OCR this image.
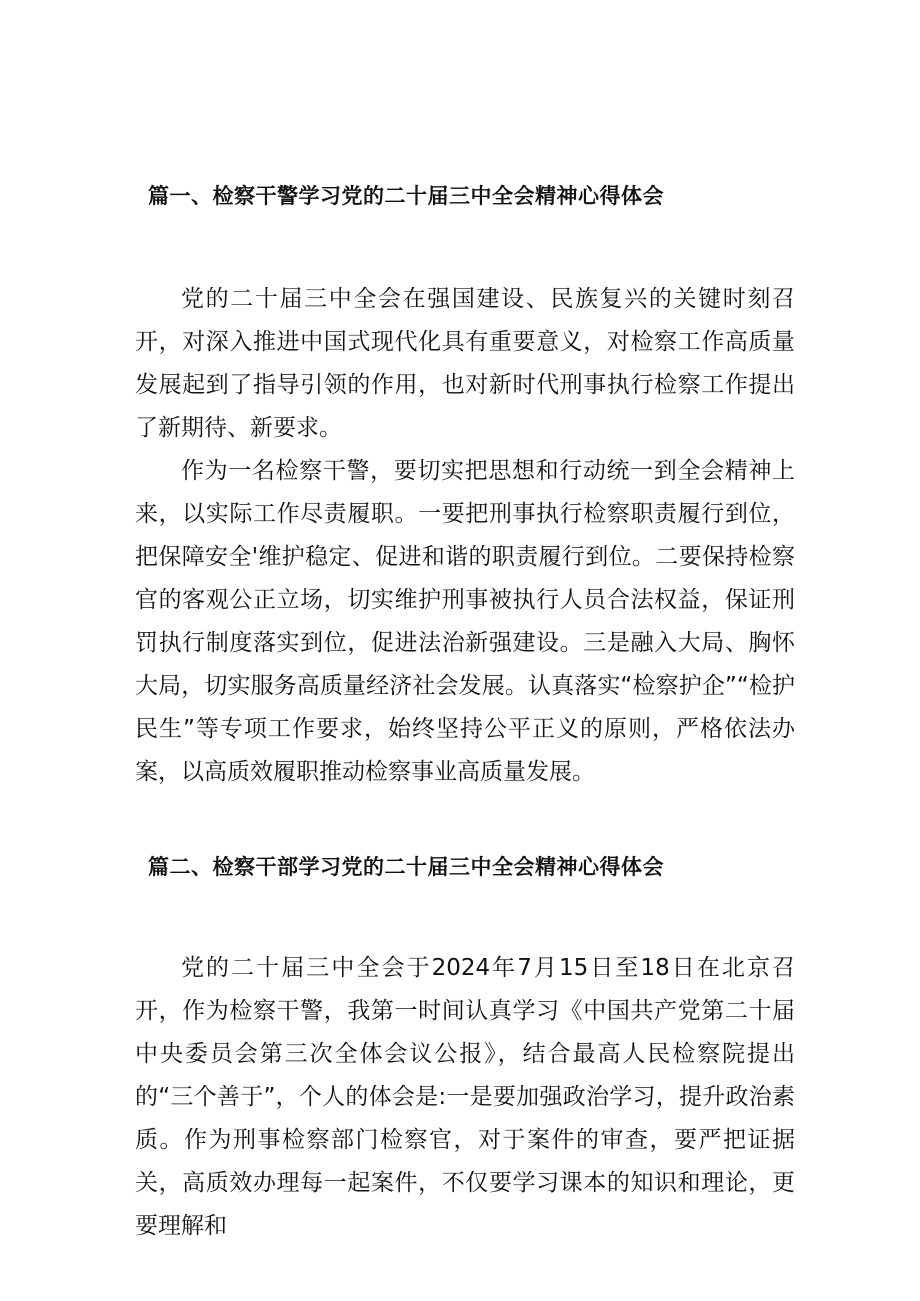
篇一、检察干警学习党的二十届三中全会精神心得体会

党的二十届三中全会在强国建设、民族复兴的关键时刻召开，对深入推进中国式现代化具有重要意义，对检察工作高质量发展起到了指导引领的作用，也对新时代刑事执行检察工作提出了新期待、新要求。

作为一名检察干警，要切实把思想和行动统一到全会精神上来，以实际工作尽责履职。一要把刑事执行检察职责履行到位，把保障安全'维护稳定、促进和谐的职责履行到位。二要保持检察官的客观公正立场，切实维护刑事被执行人员合法权益，保证刑罚执行制度落实到位，促进法治新强建设。三是融入大局、胸怀大局，切实服务高质量经济社会发展。认真落实“检察护企”“检护民生”等专项工作要求，始终坚持公平正义的原则，严格依法办案，以高质效履职推动检察事业高质量发展。

篇二、检察干部学习党的二十届三中全会精神心得体会

党的二十届三中全会于2024年7月15日至18日在北京召开，作为检察干警，我第一时间认真学习《中国共产党第二十届中央委员会第三次全体会议公报》，结合最高人民检察院提出的“三个善于”，个人的体会是:一是要加强政治学习，提升政治素质。作为刑事检察部门检察官，对于案件的审查，要严把证据关，高质效办理每一起案件，不仅要学习课本的知识和理论，更要理解和
